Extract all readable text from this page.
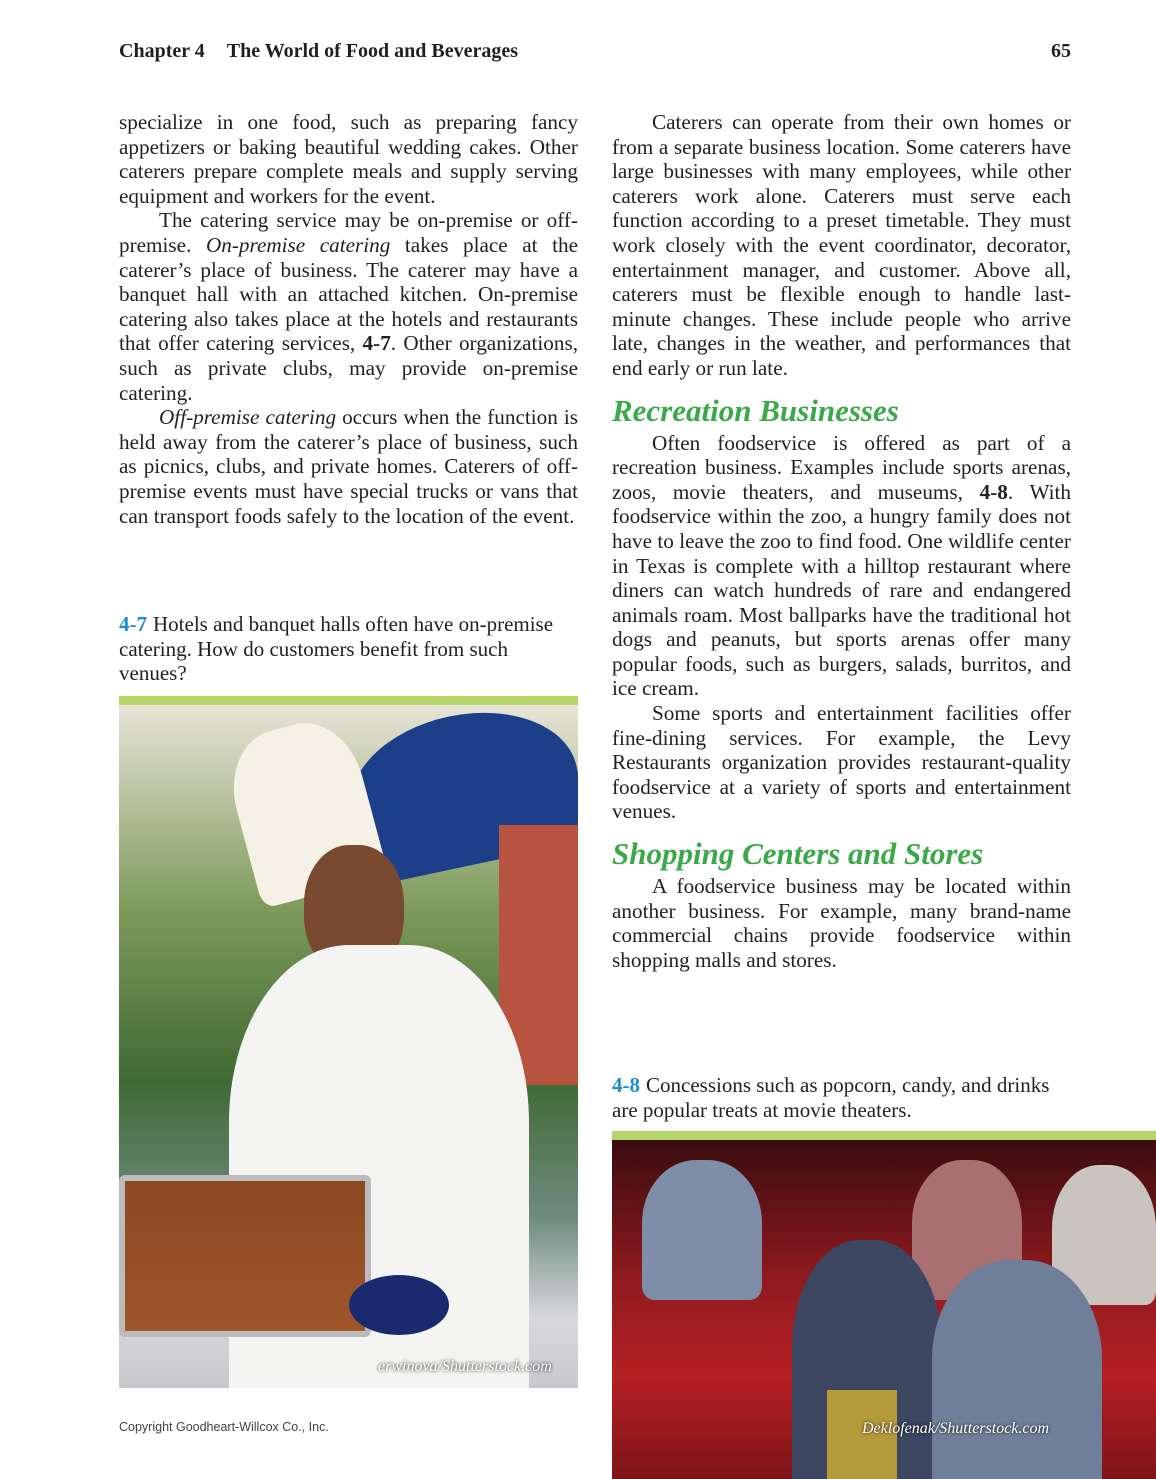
Chapter 4 The World of Food and Beverages	65

specialize in one food, such as preparing fancy appetizers or baking beautiful wedding cakes. Other caterers prepare complete meals and supply serving equipment and workers for the event.

The catering service may be on-premise or off-premise. On-premise catering takes place at the caterer’s place of business. The caterer may have a banquet hall with an attached kitchen. On-premise catering also takes place at the hotels and restaurants that offer catering services, 4-7. Other organizations, such as private clubs, may provide on-premise catering.

Off-premise catering occurs when the function is held away from the caterer’s place of business, such as picnics, clubs, and private homes. Caterers of off-premise events must have special trucks or vans that can transport foods safely to the location of the event.

4-7 Hotels and banquet halls often have on-premise catering. How do customers benefit from such venues?
erwinova/Shutterstock.com

Caterers can operate from their own homes or from a separate business location. Some caterers have large businesses with many employees, while other caterers work alone. Caterers must serve each function according to a preset timetable. They must work closely with the event coordinator, decorator, entertainment manager, and customer. Above all, caterers must be flexible enough to handle last-minute changes. These include people who arrive late, changes in the weather, and performances that end early or run late.

Recreation Businesses

Often foodservice is offered as part of a recreation business. Examples include sports arenas, zoos, movie theaters, and museums, 4-8. With foodservice within the zoo, a hungry family does not have to leave the zoo to find food. One wildlife center in Texas is complete with a hilltop restaurant where diners can watch hundreds of rare and endangered animals roam. Most ballparks have the traditional hot dogs and peanuts, but sports arenas offer many popular foods, such as burgers, salads, burritos, and ice cream.

Some sports and entertainment facilities offer fine-dining services. For example, the Levy Restaurants organization provides restaurant-quality foodservice at a variety of sports and entertainment venues.

Shopping Centers and Stores

A foodservice business may be located within another business. For example, many brand-name commercial chains provide foodservice within shopping malls and stores.

4-8 Concessions such as popcorn, candy, and drinks are popular treats at movie theaters.
Deklofenak/Shutterstock.com
Copyright Goodheart-Willcox Co., Inc.
